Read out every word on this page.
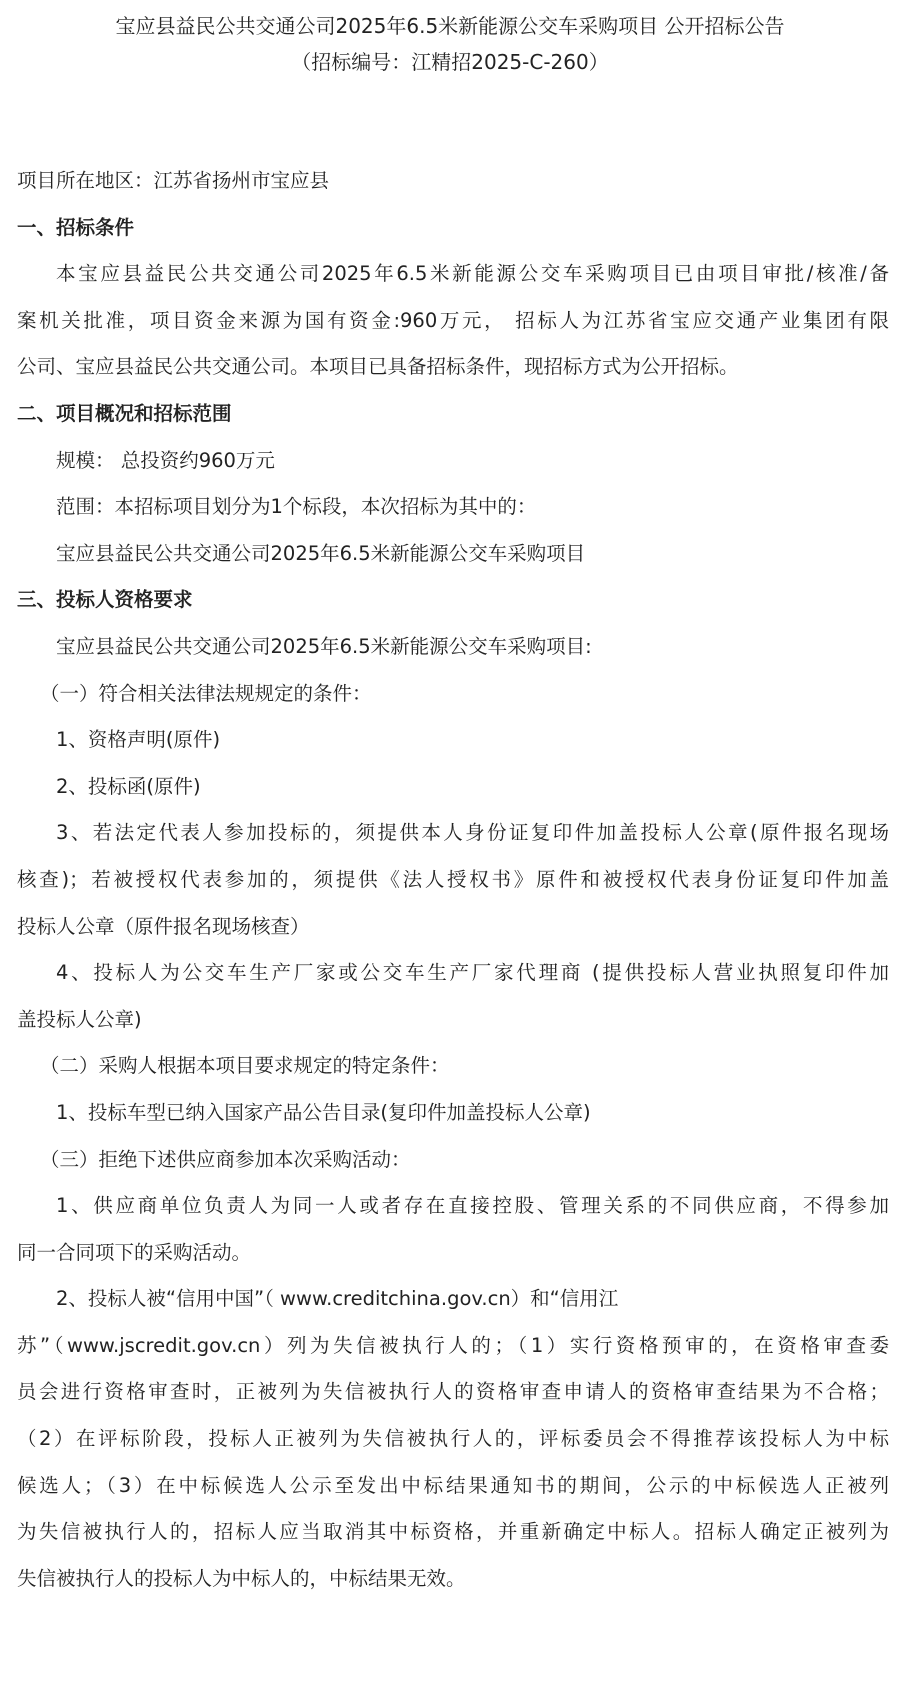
宝应县益民公共交通公司2025年6.5米新能源公交车采购项目 公开招标公告
（招标编号：江精招2025-C-260）
项目所在地区：江苏省扬州市宝应县
一、招标条件
本宝应县益民公共交通公司2025年6.5米新能源公交车采购项目已由项目审批/核准/备
案机关批准，项目资金来源为国有资金:960万元， 招标人为江苏省宝应交通产业集团有限
公司、宝应县益民公共交通公司。本项目已具备招标条件，现招标方式为公开招标。
二、项目概况和招标范围
规模： 总投资约960万元
范围：本招标项目划分为1个标段，本次招标为其中的：
宝应县益民公共交通公司2025年6.5米新能源公交车采购项目
三、投标人资格要求
宝应县益民公共交通公司2025年6.5米新能源公交车采购项目:
（一）符合相关法律法规规定的条件：
1、资格声明(原件)
2、投标函(原件)
3、若法定代表人参加投标的，须提供本人身份证复印件加盖投标人公章(原件报名现场
核查)；若被授权代表参加的，须提供《法人授权书》原件和被授权代表身份证复印件加盖
投标人公章（原件报名现场核查）
4、投标人为公交车生产厂家或公交车生产厂家代理商 (提供投标人营业执照复印件加
盖投标人公章)
（二）采购人根据本项目要求规定的特定条件：
1、投标车型已纳入国家产品公告目录(复印件加盖投标人公章)
（三）拒绝下述供应商参加本次采购活动：
1、供应商单位负责人为同一人或者存在直接控股、管理关系的不同供应商，不得参加
同一合同项下的采购活动。
2、投标人被“信用中国”（ www.creditchina.gov.cn）和“信用江
苏”（www.jscredit.gov.cn）列为失信被执行人的；（1）实行资格预审的，在资格审查委
员会进行资格审查时，正被列为失信被执行人的资格审查申请人的资格审查结果为不合格；
（2）在评标阶段，投标人正被列为失信被执行人的，评标委员会不得推荐该投标人为中标
候选人；（3）在中标候选人公示至发出中标结果通知书的期间，公示的中标候选人正被列
为失信被执行人的，招标人应当取消其中标资格，并重新确定中标人。招标人确定正被列为
失信被执行人的投标人为中标人的，中标结果无效。
